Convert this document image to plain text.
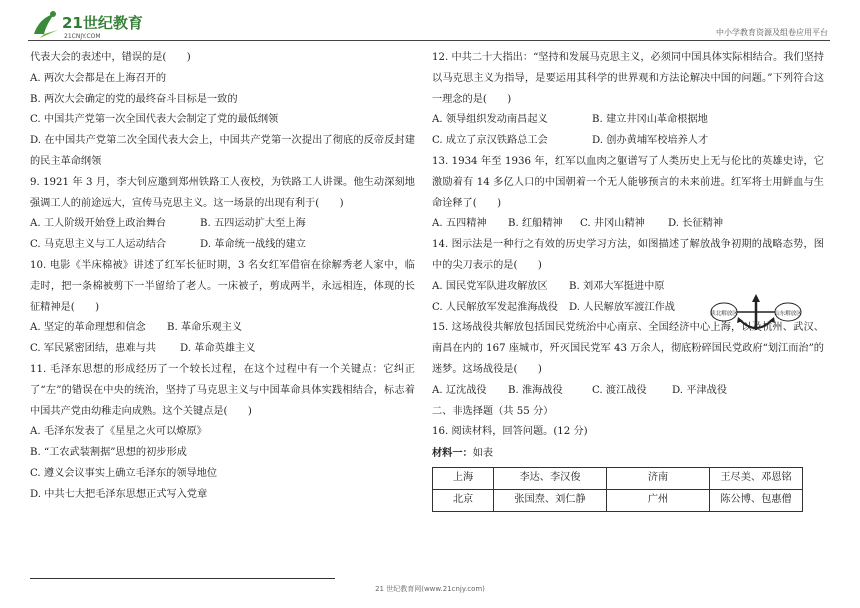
21世纪教育
21CNJY.COM	中小学教育资源及组卷应用平台

代表大会的表述中，错误的是(　　)

A. 两次大会都是在上海召开的

B. 两次大会确定的党的最终奋斗目标是一致的

C. 中国共产党第一次全国代表大会制定了党的最低纲领

D. 在中国共产党第二次全国代表大会上，中国共产党第一次提出了彻底的反帝反封建的民主革命纲领

9. 1921 年 3 月，李大钊应邀到郑州铁路工人夜校，为铁路工人讲课。他生动深刻地强调工人的前途远大，宣传马克思主义。这一场景的出现有利于(　　)

A. 工人阶级开始登上政治舞台	B. 五四运动扩大至上海
C. 马克思主义与工人运动结合	D. 革命统一战线的建立

10. 电影《半床棉被》讲述了红军长征时期，3 名女红军借宿在徐解秀老人家中，临走时，把一条棉被剪下一半留给了老人。一床被子，剪成两半，永远相连，体现的长征精神是(　　)

A. 坚定的革命理想和信念	B. 革命乐观主义
C. 军民紧密团结，患难与共	D. 革命英雄主义

11. 毛泽东思想的形成经历了一个较长过程，在这个过程中有一个关键点：它纠正了“左”的错误在中央的统治，坚持了马克思主义与中国革命具体实践相结合，标志着中国共产党由幼稚走向成熟。这个关键点是(　　)

A. 毛泽东发表了《星星之火可以燎原》

B. “工农武装割据”思想的初步形成

C. 遵义会议事实上确立毛泽东的领导地位

D. 中共七大把毛泽东思想正式写入党章

12. 中共二十大指出：“坚持和发展马克思主义，必须同中国具体实际相结合。我们坚持以马克思主义为指导，是要运用其科学的世界观和方法论解决中国的问题。”下列符合这一理念的是(　　)

A. 领导组织发动南昌起义	B. 建立井冈山革命根据地
C. 成立了京汉铁路总工会	D. 创办黄埔军校培养人才

13. 1934 年至 1936 年，红军以血肉之躯谱写了人类历史上无与伦比的英雄史诗，它激励着有 14 多亿人口的中国朝着一个无人能够预言的未来前进。红军将士用鲜血与生命诠释了(　　)

A. 五四精神	B. 红船精神	C. 井冈山精神	D. 长征精神

14. 图示法是一种行之有效的历史学习方法，如图描述了解放战争初期的战略态势，图中的尖刀表示的是(　　)

A. 国民党军队进攻解放区	B. 刘邓大军挺进中原
C. 人民解放军发起淮海战役	D. 人民解放军渡江作战

15. 这场战役共解放包括国民党统治中心南京、全国经济中心上海，以及杭州、武汉、南昌在内的 167 座城市，歼灭国民党军 43 万余人，彻底粉碎国民党政府“划江而治”的迷梦。这场战役是(　　)

A. 辽沈战役	B. 淮海战役	C. 渡江战役	D. 平津战役

二、非选择题（共 55 分）

16. 阅读材料，回答问题。(12 分)

材料一：如表

上海	李达、李汉俊	济南	王尽美、邓恩铭
北京	张国焘、刘仁静	广州	陈公博、包惠僧
陕北解放区	山东解放区
21 世纪教育网(www.21cnjy.com)
